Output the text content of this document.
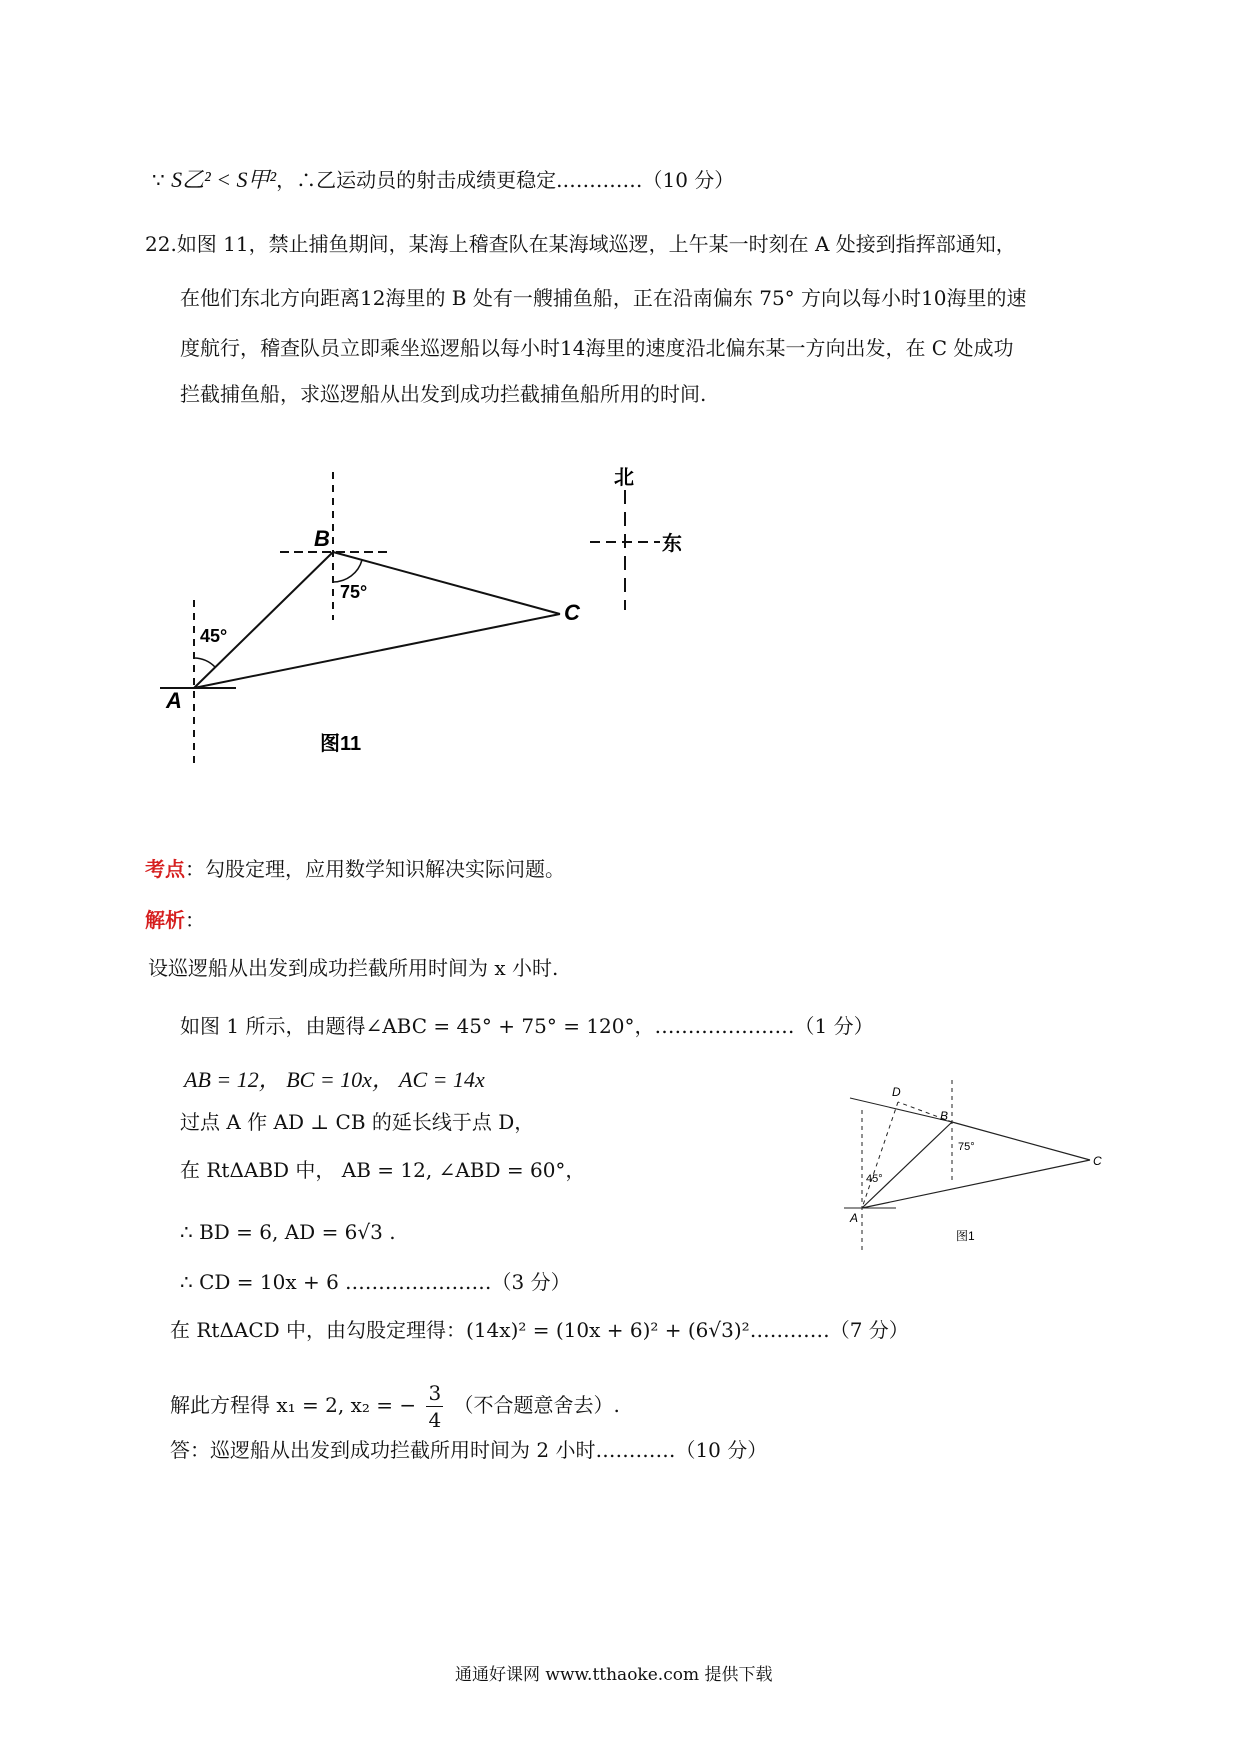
∵ S乙² < S甲²，∴乙运动员的射击成绩更稳定.…………（10 分）
22.如图 11，禁止捕鱼期间，某海上稽查队在某海域巡逻，上午某一时刻在 A 处接到指挥部通知，
在他们东北方向距离12海里的 B 处有一艘捕鱼船，正在沿南偏东 75° 方向以每小时10海里的速
度航行，稽查队员立即乘坐巡逻船以每小时14海里的速度沿北偏东某一方向出发，在 C 处成功
拦截捕鱼船，求巡逻船从出发到成功拦截捕鱼船所用的时间.
A
B
C
45°
75°
图11
北
东
考点：勾股定理，应用数学知识解决实际问题。
解析：
设巡逻船从出发到成功拦截所用时间为 x 小时.
如图 1 所示，由题得∠ABC = 45° + 75° = 120°，…………………（1 分）
AB = 12， BC = 10x， AC = 14x
过点 A 作 AD ⊥ CB 的延长线于点 D，
在 RtΔABD 中， AB = 12, ∠ABD = 60°，
∴ BD = 6, AD = 6√3 .
∴ CD = 10x + 6 .…………………（3 分）
在 RtΔACD 中，由勾股定理得：(14x)² = (10x + 6)² + (6√3)²…………（7 分）
解此方程得 x₁ = 2, x₂ = − $\frac{3}{4}$ （不合题意舍去）.
答：巡逻船从出发到成功拦截所用时间为 2 小时…………（10 分）
D
B
C
A
45°
75°
图1
通通好课网 www.tthaoke.com 提供下载
